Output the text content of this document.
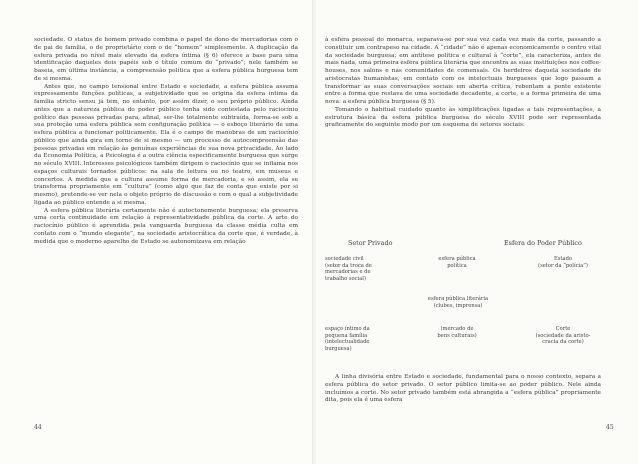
sociedade. O status de homem privado combina o papel de dono de mercadorias com o de pai de família, o de proprietário com o de “homem” simplesmente. A duplicação da esfera privada no nível mais elevado da esfera íntima (§ 6) oferece a base para uma identificação daqueles dois papéis sob o título comum do “privado”; nele também se baseia, em última instância, a compreensão política que a esfera pública burguesa tem de si mesma.

Antes que, no campo tensional entre Estado e sociedade, a esfera pública assuma expressamente funções políticas, a subjetividade que se origina da esfera íntima da família stricto sensu já tem, no entanto, por assim dizer, o seu próprio público. Ainda antes que a natureza pública do poder público tenha sido contestada pelo raciocínio político das pessoas privadas para, afinal, ser-lhe totalmente subtraída, forma-se sob a sua proteção uma esfera pública sem configuração política — o esboço literário de uma esfera pública a funcionar politicamente. Ela é o campo de manobras de um raciocínio público que ainda gira em torno de si mesmo — um processo de autocompreensão das pessoas privadas em relação às genuínas experiências de sua nova privacidade. Ao lado da Economia Política, a Psicologia é a outra ciência especificamente burguesa que surge no século XVIII. Interesses psicológicos também dirigem o raciocínio que se inflama nos espaços culturais tornados públicos: na sala de leitura ou no teatro, em museus e concertos. A medida que a cultura assume forma de mercadoria, e só assim, ela se transforma propriamente em “cultura” (como algo que faz de conta que existe por si mesmo), pretende-se ver nela o objeto próprio de discussão e com o qual a subjetividade ligada ao público entende a si mesma.

A esfera pública literária certamente não é autoctonemente burguesa; ela preserva uma certa continuidade em relação à representatividade pública da corte. A arte do raciocínio público é aprendida pela vanguarda burguesa da classe média culta em contato com o “mundo elegante”, na sociedade aristocrática da corte que, é verdade, à medida que o moderno aparelho de Estado se autonomizava em relação

44

à esfera pessoal do monarca, separava-se por sua vez cada vez mais da corte, passando a constituir um contrapeso na cidade. A “cidade” não é apenas economicamente o centro vital da sociedade burguesa; em antítese política e cultural à “corte”, ela caracteriza, antes de mais nada, uma primeira esfera pública literária que encontra as suas instituições nos coffee-houses, nos salons e nas comunidades de comensais. Os herdeiros daquela sociedade de aristocratas humanistas, em contato com os intelectuais burgueses que logo passam a transformar as suas conversações sociais em aberta crítica, rebentam a ponte existente entre a forma que restava de uma sociedade decadente, a corte, e a forma primeira de uma nova: a esfera pública burguesa (§ 5).

Tomando o habitual cuidado quanto às simplificações ligadas a tais representações, a estrutura básica da esfera pública burguesa do século XVIII pode ser representada graficamente do seguinte modo por um esquema de setores sociais:

Setor Privado	Esfera do Poder Público
sociedade civil
(setor da troca de
mercadorias e de
trabalho social)
esfera pública
política
Estado
(setor da “polícia”)
esfera pública literária
(clubes, imprensa)
espaço íntimo da
pequena família
(intelectualidade
burguesa)
(mercado de
bens culturais)
Corte
(sociedade da aristo-
cracia da corte)

A linha divisória entre Estado e sociedade, fundamental para o nosso contexto, separa a esfera pública do setor privado. O setor público limita-se ao poder público. Nele ainda incluímos a corte. No setor privado também está abrangida a “esfera pública” propriamente dita, pois ela é uma esfera

45
